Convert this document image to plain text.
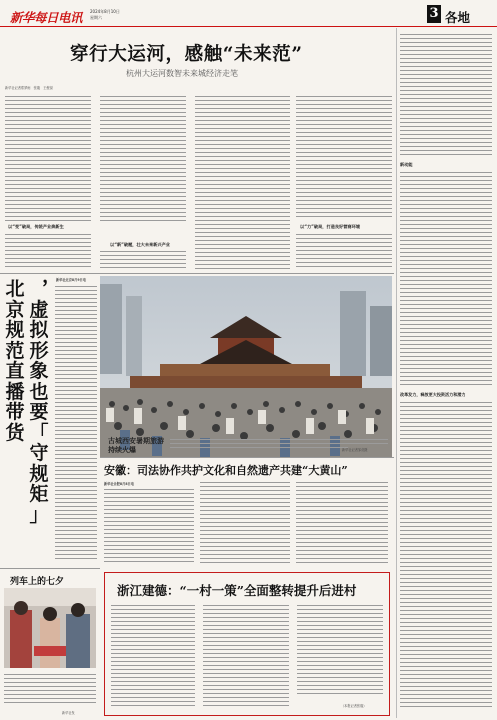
新华每日电讯 2024年8月10日
星期六	3 各地
穿行大运河，感触“未来范”
杭州大运河数智未来城经济走笔
新华社记者郑梦雨　张璇　王俊禄
以“变”破局，传统产业焕新生
以“新”破题，壮大未来新兴产业
以“力”破局，打造良好营商环境
北
京
规
范
直
播
带
货
︐
虚
拟
形
象
也
要
「
守
规
矩
」
新华社北京8月9日电
古城西安暑期旅游持续火爆	新华社记者邹竞摄
安徽：司法协作共护文化和自然遗产共建“大黄山”
新华社合肥8月8日电
列车上的七夕
新华社发
浙江建德：“一村一策”全面整转提升后进村
（本报记者张璇）
新动能
改革发力，释放更大投资活力和潜力
